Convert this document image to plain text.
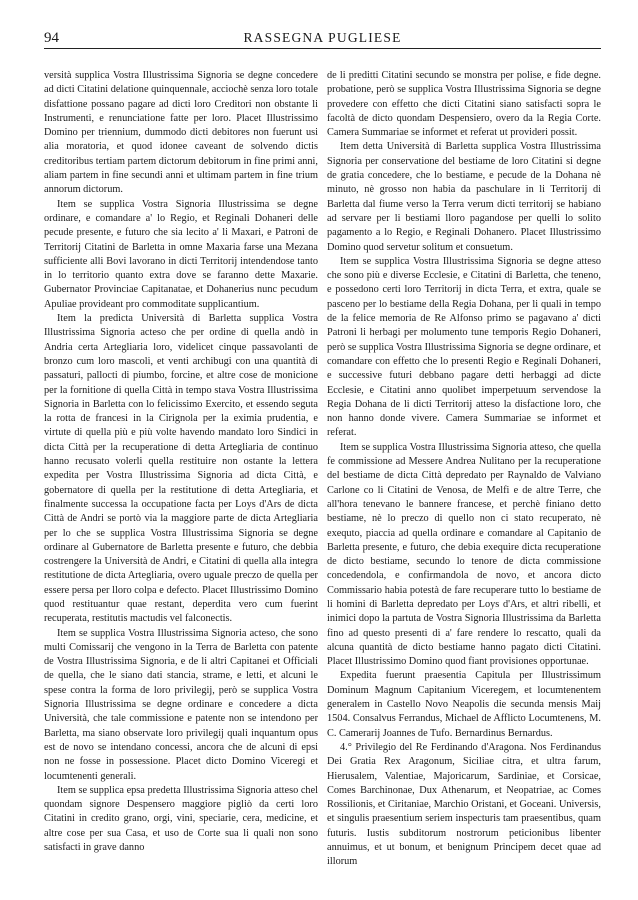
94	RASSEGNA PUGLIESE

versità supplica Vostra Illustrissima Signoria se degne concedere ad dicti Citatini delatione quinquennale, acciochè senza loro totale disfattione possano pagare ad dicti loro Creditori non obstante li Instrumenti, e renunciatione fatte per loro. Placet Illustrissimo Domino per triennium, dummodo dicti debitores non fuerunt usi alia moratoria, et quod idonee caveant de solvendo dictis creditoribus tertiam partem dictorum debitorum in fine primi anni, aliam partem in fine secundi anni et ultimam partem in fine trium annorum dictorum.

Item se supplica Vostra Signoria Illustrissima se degne ordinare, e comandare a' lo Regio, et Reginali Dohaneri delle pecude presente, e futuro che sia lecito a' li Maxari, e Patroni de Territorij Citatini de Barletta in omne Maxaria farse una Mezana sufficiente alli Bovi lavorano in dicti Territorij intendendose tanto in lo territorio quanto extra dove se faranno dette Maxarie. Gubernator Provinciae Capitanatae, et Dohanerius nunc pecudum Apuliae provideant pro commoditate supplicantium.

Item la predicta Università di Barletta supplica Vostra Illustrissima Signoria acteso che per ordine di quella andò in Andria certa Artegliaria loro, videlicet cinque passavolanti de bronzo cum loro mascoli, et venti archibugi con una quantità di passaturi, pallocti di piumbo, forcine, et altre cose de monicione per la fornitione di quella Città in tempo stava Vostra Illustrissima Signoria in Barletta con lo felicissimo Exercito, et essendo seguta la rotta de francesi in la Cirignola per la eximia prudentia, e virtute di quella più e più volte havendo mandato loro Sindici in dicta Città per la recuperatione di detta Artegliaria de continuo hanno recusato volerli quella restituire non ostante la lettera expedita per Vostra Illustrissima Signoria ad dicta Città, e gobernatore di quella per la restitutione di detta Artegliaria, et finalmente successa la occupatione facta per Loys d'Ars de dicta Città de Andri se portò via la maggiore parte de dicta Artegliaria per lo che se supplica Vostra Illustrissima Signoria se degne ordinare al Gubernatore de Barletta presente e futuro, che debbia costrengere la Università de Andri, e Citatini di quella alla integra restitutione de dicta Artegliaria, overo uguale preczo de quella per essere persa per lloro colpa e defecto. Placet Illustrissimo Domino quod restituantur quae restant, deperdita vero cum fuerint recuperata, restitutis mactudis vel falconectis.

Item se supplica Vostra Illustrissima Signoria acteso, che sono multi Comissarij che vengono in la Terra de Barletta con patente de Vostra Illustrissima Signoria, e de li altri Capitanei et Officiali de quella, che le siano dati stancia, strame, e letti, et alcuni le spese contra la forma de loro privilegij, però se supplica Vostra Signoria Illustrissima se degne ordinare e concedere a dicta Università, che tale commissione e patente non se intendono per Barletta, ma siano observate loro privilegij quali inquantum opus est de novo se intendano concessi, ancora che de alcuni di epsi non ne fosse in possessione. Placet dicto Domino Viceregi et locumtenenti generali.

Item se supplica epsa predetta Illustrissima Signoria atteso chel quondam signore Despensero maggiore pigliò da certi loro Citatini in credito grano, orgi, vini, speciarie, cera, medicine, et altre cose per sua Casa, et uso de Corte sua li quali non sono satisfacti in grave danno

de li preditti Citatini secundo se monstra per polise, e fide degne. probatione, però se supplica Vostra Illustrissima Signoria se degne provedere con effetto che dicti Citatini siano satisfacti sopra le facoltà de dicto quondam Despensiero, overo da la Regia Corte. Camera Summariae se informet et referat ut provideri possit.

Item detta Università di Barletta supplica Vostra Illustrissima Signoria per conservatione del bestiame de loro Citatini si degne de gratia concedere, che lo bestiame, e pecude de la Dohana nè minuto, nè grosso non habia da paschulare in li Territorij di Barletta dal fiume verso la Terra verum dicti territorij se habiano ad servare per li bestiami lloro pagandose per quelli lo solito pagamento a lo Regio, e Reginali Dohanero. Placet Illustrissimo Domino quod servetur solitum et consuetum.

Item se supplica Vostra Illustrissima Signoria se degne atteso che sono più e diverse Ecclesie, e Citatini di Barletta, che teneno, e possedono certi loro Territorij in dicta Terra, et extra, quale se pasceno per lo bestiame della Regia Dohana, per li quali in tempo de la felice memoria de Re Alfonso primo se pagavano a' dicti Patroni li herbagi per molumento tune temporis Regio Dohaneri, però se supplica Vostra Illustrissima Signoria se degne ordinare, et comandare con effetto che lo presenti Regio e Reginali Dohaneri, e successive futuri debbano pagare detti herbaggi ad dicte Ecclesie, e Citatini anno quolibet imperpetuum servendose la Regia Dohana de li dicti Territorij atteso la disfactione loro, che non hanno donde vivere. Camera Summariae se informet et referat.

Item se supplica Vostra Illustrissima Signoria atteso, che quella fe commissione ad Messere Andrea Nulitano per la recuperatione del bestiame de dicta Città depredato per Raynaldo de Valviano Carlone co li Citatini de Venosa, de Melfi e de altre Terre, che all'hora tenevano le bannere francese, et perchè finiano detto bestiame, nè lo preczo di quello non ci stato recuperato, nè exequto, piaccia ad quella ordinare e comandare al Capitanio de Barletta presente, e futuro, che debia exequire dicta recuperatione de dicto bestiame, secundo lo tenore de dicta commissione concedendola, e confirmandola de novo, et ancora dicto Commissario habia potestà de fare recuperare tutto lo bestiame de li homini di Barletta depredato per Loys d'Ars, et altri ribelli, et inimici dopo la partuta de Vostra Signoria Illustrissima da Barletta fino ad questo presenti di a' fare rendere lo rescatto, quali da alcuna quantità de dicto bestiame hanno pagato dicti Citatini. Placet Illustrissimo Domino quod fiant provisiones opportunae.

Expedita fuerunt praesentia Capitula per Illustrissimum Dominum Magnum Capitanium Viceregem, et locumtenentem generalem in Castello Novo Neapolis die secunda mensis Maij 1504. Consalvus Ferrandus, Michael de Afflicto Locumtenens, M. C. Camerarij Joannes de Tufo. Bernardinus Bernardus.

4.° Privilegio del Re Ferdinando d'Aragona. Nos Ferdinandus Dei Gratia Rex Aragonum, Siciliae citra, et ultra farum, Hierusalem, Valentiae, Majoricarum, Sardiniae, et Corsicae, Comes Barchinonae, Dux Athenarum, et Neopatriae, ac Comes Rossilionis, et Ciritaniae, Marchio Oristani, et Goceani. Universis, et singulis praesentium seriem inspecturis tam praesentibus, quam futuris. Iustis subditorum nostrorum peticionibus libenter annuimus, et ut bonum, et benignum Principem decet quae ad illorum
